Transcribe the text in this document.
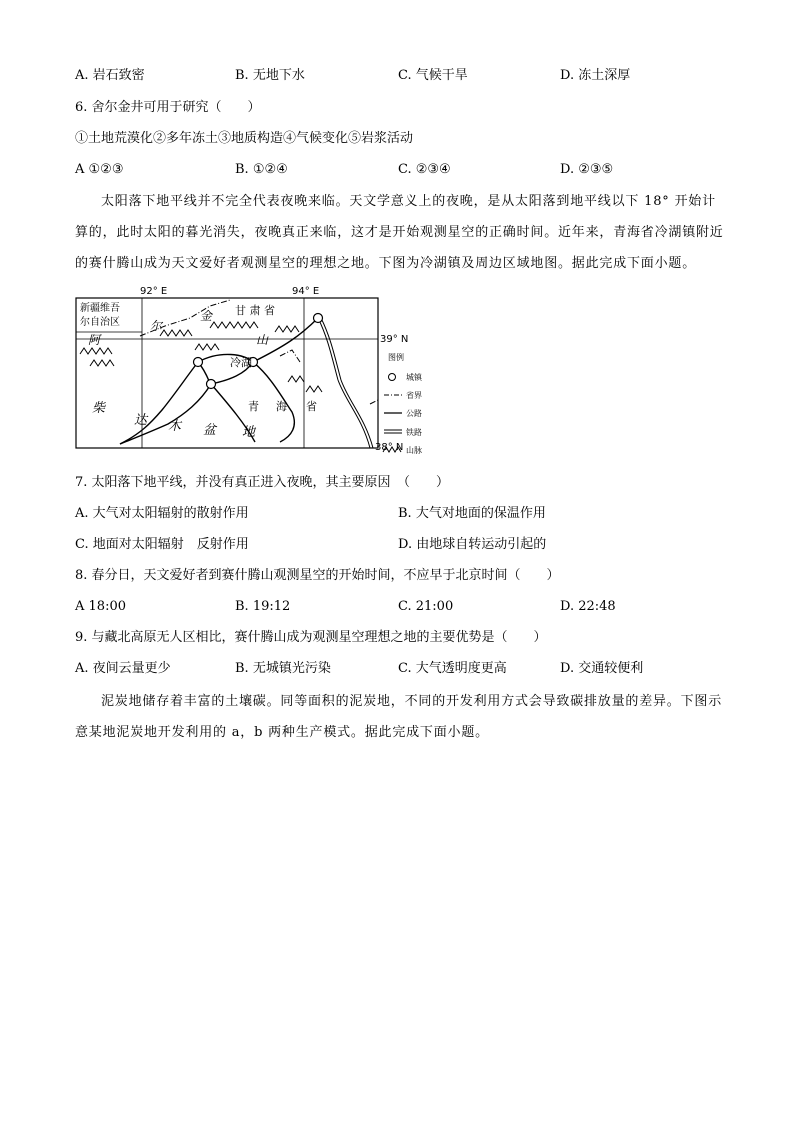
A. 岩石致密	B. 无地下水	C. 气候干旱	D. 冻土深厚
6. 舍尔金井可用于研究（　　）
①土地荒漠化②多年冻土③地质构造④气候变化⑤岩浆活动
A ①②③	B. ①②④	C. ②③④	D. ②③⑤
太阳落下地平线并不完全代表夜晚来临。天文学意义上的夜晚，是从太阳落到地平线以下 18° 开始计算的，此时太阳的暮光消失，夜晚真正来临，这才是开始观测星空的正确时间。近年来，青海省冷湖镇附近的赛什腾山成为天文爱好者观测星空的理想之地。下图为冷湖镇及周边区域地图。据此完成下面小题。
92° E	94° E
39° N
38° N
新疆维吾
尔自治区
甘 肃 省
冷湖
阿
尔
金
山
柴
达 木 盆 地
青 海 省
图例
城镇
省界
公路
铁路
山脉
7. 太阳落下地平线，并没有真正进入夜晚，其主要原因　（　　）
A. 大气对太阳辐射的散射作用	B. 大气对地面的保温作用
C. 地面对太阳辐射　反射作用	D. 由地球自转运动引起的
8. 春分日，天文爱好者到赛什腾山观测星空的开始时间，不应早于北京时间（　　）
A 18:00	B. 19:12	C. 21:00	D. 22:48
9. 与藏北高原无人区相比，赛什腾山成为观测星空理想之地的主要优势是（　　）
A. 夜间云量更少	B. 无城镇光污染	C. 大气透明度更高	D. 交通较便利
泥炭地储存着丰富的土壤碳。同等面积的泥炭地，不同的开发利用方式会导致碳排放量的差异。下图示意某地泥炭地开发利用的 a，b 两种生产模式。据此完成下面小题。
